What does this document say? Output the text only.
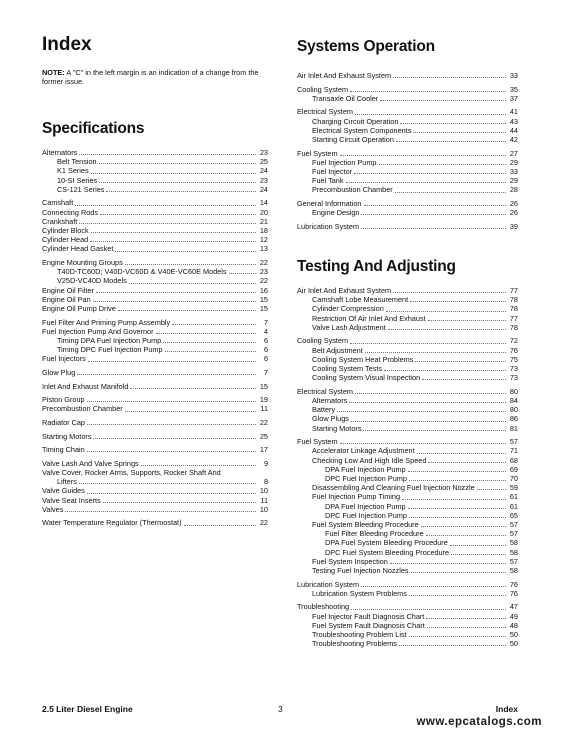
Index
NOTE: A "C" in the left margin is an indication of a change from the former issue.
Specifications
Alternators	23
Belt Tension	25
K1 Series	24
10-SI Series	23
CS-121 Series	24
Camshaft	14
Connecting Rods	20
Crankshaft	21
Cylinder Block	18
Cylinder Head	12
Cylinder Head Gasket	13
Engine Mounting Groups	22
T40D-TC60D; V40D-VC60D & V40E-VC60E Models	23
V25D-VC40D Models	22
Engine Oil Filter	16
Engine Oil Pan	15
Engine Oil Pump Drive	15
Fuel Filter And Priming Pump Assembly	7
Fuel Injection Pump And Governor	4
Timing DPA Fuel Injection Pump	6
Timing DPC Fuel Injection Pump	6
Fuel Injectors	6
Glow Plug	7
Inlet And Exhaust Manifold	15
Piston Group	19
Precombustion Chamber	11
Radiator Cap	22
Starting Motors	25
Timing Chain	17
Valve Lash And Valve Springs	9
Valve Cover, Rocker Arms, Supports, Rocker Shaft And
Lifters	8
Valve Guides	10
Valve Seat Inserts	11
Valves	10
Water Temperature Regulator (Thermostat)	22
Systems Operation
Air Inlet And Exhaust System	33
Cooling System	35
Transaxle Oil Cooler	37
Electrical System	41
Charging Circuit Operation	43
Electrical System Components	44
Starting Circuit Operation	42
Fuel System	27
Fuel Injection Pump	29
Fuel Injector	33
Fuel Tank	29
Precombustion Chamber	28
General Information	26
Engine Design	26
Lubrication System	39
Testing And Adjusting
Air Inlet And Exhaust System	77
Camshaft Lobe Measurement	78
Cylinder Compression	78
Restriction Of Air Inlet And Exhaust	77
Valve Lash Adjustment	78
Cooling System	72
Belt Adjustment	76
Cooling System Heat Problems	75
Cooling System Tests	73
Cooling System Visual Inspection	73
Electrical System	80
Alternators	84
Battery	80
Glow Plugs	86
Starting Motors	81
Fuel System	57
Accelerator Linkage Adjustment	71
Checking Low And High Idle Speed	68
DPA Fuel Injection Pump	69
DPC Fuel Injection Pump	70
Disassembling And Cleaning Fuel Injection Nozzle	59
Fuel Injection Pump Timing	61
DPA Fuel Injection Pump	61
DPC Fuel Injection Pump	65
Fuel System Bleeding Procedure	57
Fuel Filter Bleeding Procedure	57
DPA Fuel System Bleeding Procedure	58
DPC Fuel System Bleeding Procedure	58
Fuel System Inspection	57
Testing Fuel Injection Nozzles	58
Lubrication System	76
Lubrication System Problems	76
Troubleshooting	47
Fuel Injector Fault Diagnosis Chart	49
Fuel System Fault Diagnosis Chart	48
Troubleshooting Problem List	50
Troubleshooting Problems	50
2.5 Liter Diesel Engine	3	Index
www.epcatalogs.com
